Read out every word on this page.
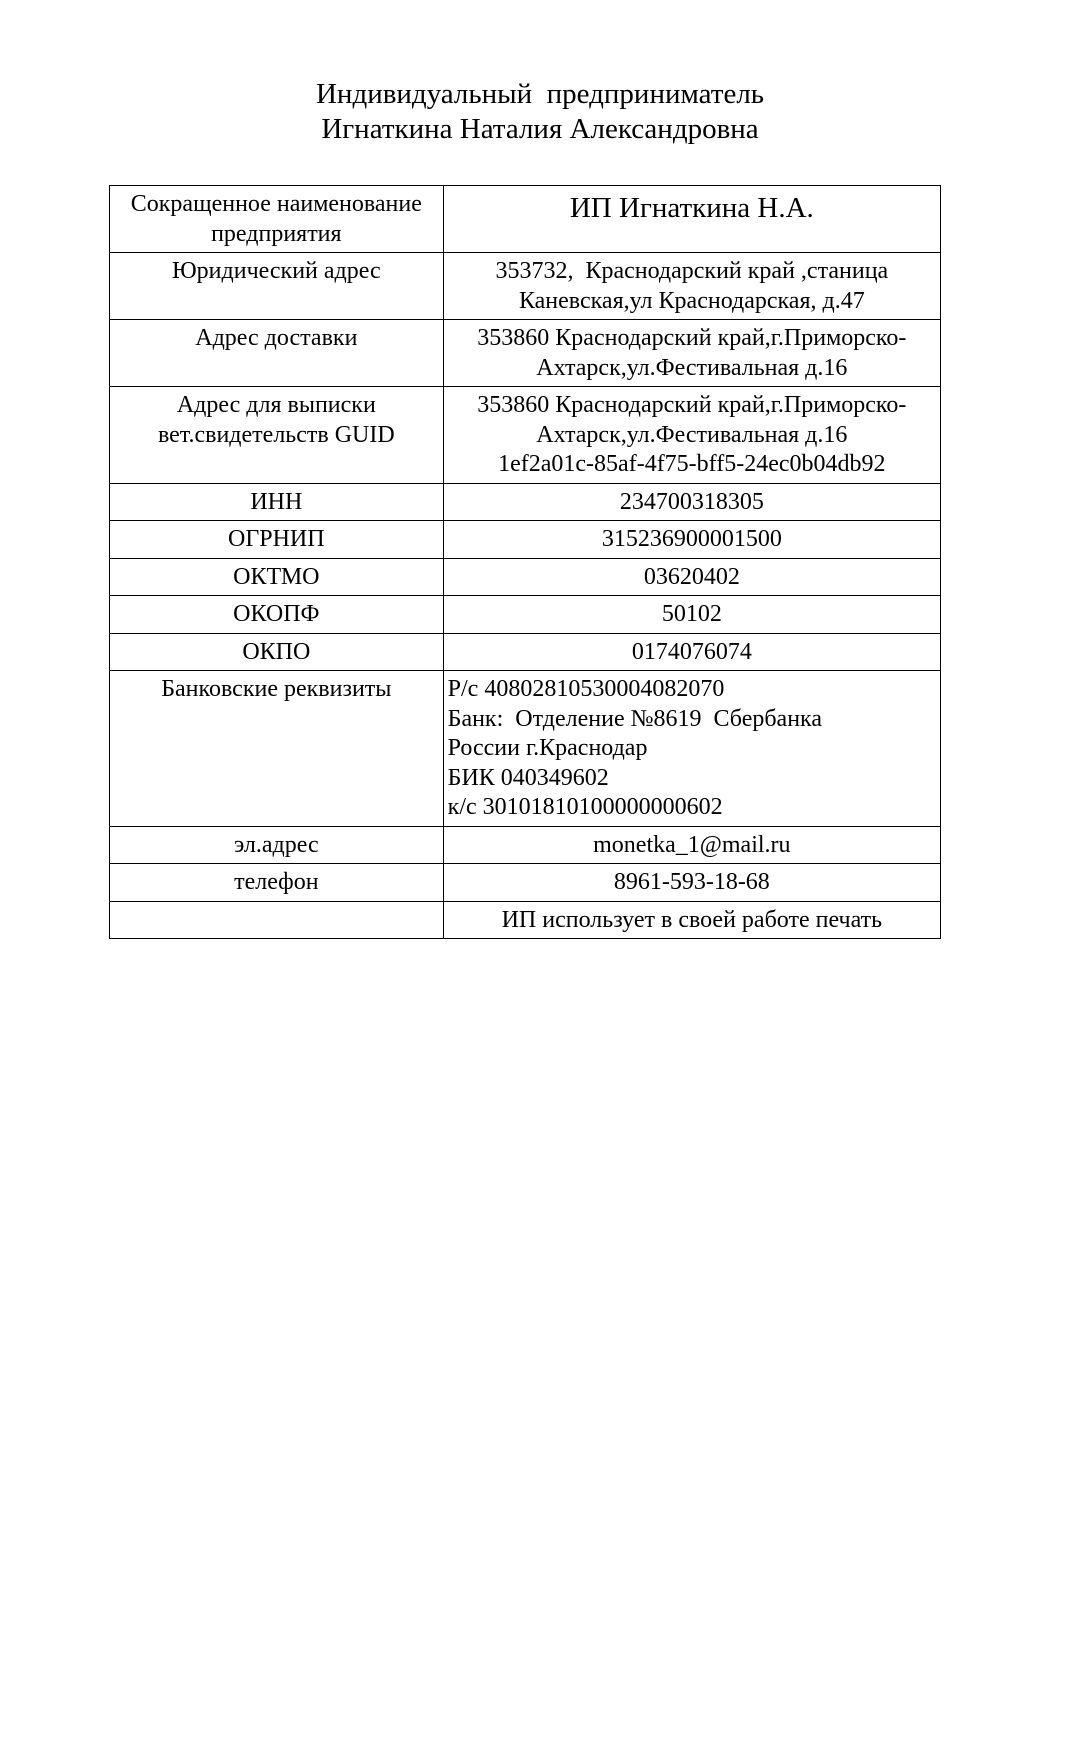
Индивидуальный  предприниматель
Игнаткина Наталия Александровна
Сокращенное наименование
предприятия	ИП Игнаткина Н.А.

Юридический адрес	353732,  Краснодарский край ,станица
Каневская,ул Краснодарская, д.47

Адрес доставки	353860 Краснодарский край,г.Приморско-
Ахтарск,ул.Фестивальная д.16

Адрес для выписки
вет.свидетельств GUID	353860 Краснодарский край,г.Приморско-
Ахтарск,ул.Фестивальная д.16
1ef2a01c-85af-4f75-bff5-24ec0b04db92

ИНН	234700318305

ОГРНИП	315236900001500

ОКТМО	03620402

ОКОПФ	50102

ОКПО	0174076074

Банковские реквизиты	Р/с 40802810530004082070
Банк:  Отделение №8619  Сбербанка
России г.Краснодар
БИК 040349602
к/с 30101810100000000602

эл.адрес	monetka_1@mail.ru

телефон	8961-593-18-68

	ИП использует в своей работе печать
